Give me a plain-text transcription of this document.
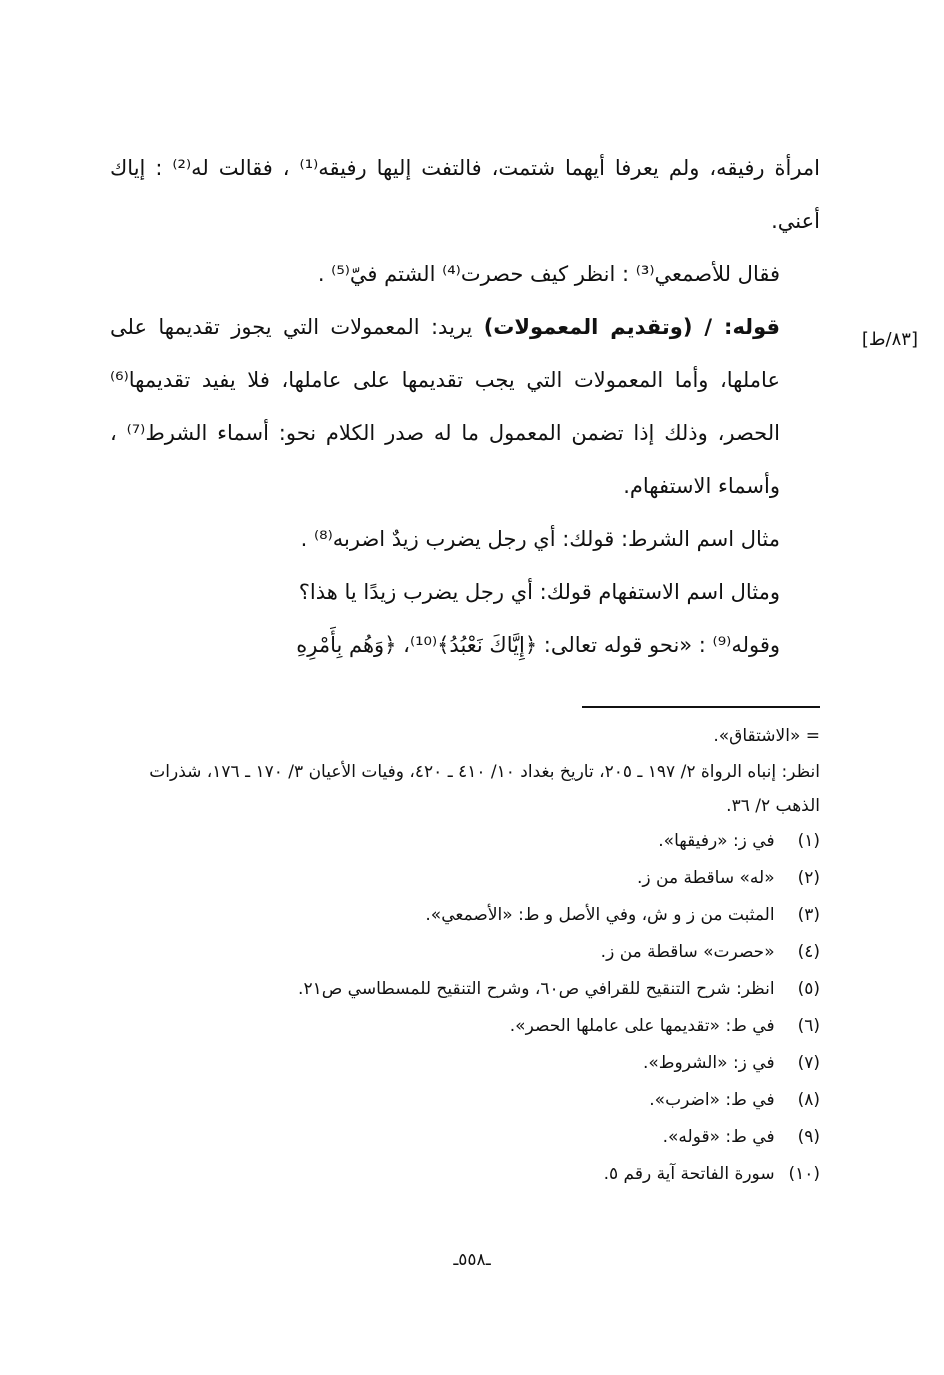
[٨٣/ط]

امرأة رفيقه، ولم يعرفا أيهما شتمت، فالتفت إليها رفيقه⁽¹⁾ ، فقالت له⁽²⁾ : إياك أعني.

فقال للأصمعي⁽³⁾ : انظر كيف حصرت⁽⁴⁾ الشتم فيّ⁽⁵⁾ .

قوله: / (وتقديم المعمولات) يريد: المعمولات التي يجوز تقديمها على عاملها، وأما المعمولات التي يجب تقديمها على عاملها، فلا يفيد تقديمها⁽⁶⁾ الحصر، وذلك إذا تضمن المعمول ما له صدر الكلام نحو: أسماء الشرط⁽⁷⁾ ، وأسماء الاستفهام.

مثال اسم الشرط: قولك: أي رجل يضرب زيدٌ اضربه⁽⁸⁾ .

ومثال اسم الاستفهام قولك: أي رجل يضرب زيدًا يا هذا؟

وقوله⁽⁹⁾ : «نحو قوله تعالى: ﴿إِيَّاكَ نَعْبُدُ﴾⁽¹⁰⁾، ﴿وَهُم بِأَمْرِهِ

= «الاشتقاق».
انظر: إنباه الرواة ٢/ ١٩٧ ـ ٢٠٥، تاريخ بغداد ١٠/ ٤١٠ ـ ٤٢٠، وفيات الأعيان ٣/ ١٧٠ ـ ١٧٦، شذرات الذهب ٢/ ٣٦.
(١) في ز: «رفيقها».
(٢) «له» ساقطة من ز.
(٣) المثبت من ز و ش، وفي الأصل و ط: «الأصمعي».
(٤) «حصرت» ساقطة من ز.
(٥) انظر: شرح التنقيح للقرافي ص٦٠، وشرح التنقيح للمسطاسي ص٢١.
(٦) في ط: «تقديمها على عاملها الحصر».
(٧) في ز: «الشروط».
(٨) في ط: «اضرب».
(٩) في ط: «قوله».
(١٠) سورة الفاتحة آية رقم ٥.
ـ٥٥٨ـ
